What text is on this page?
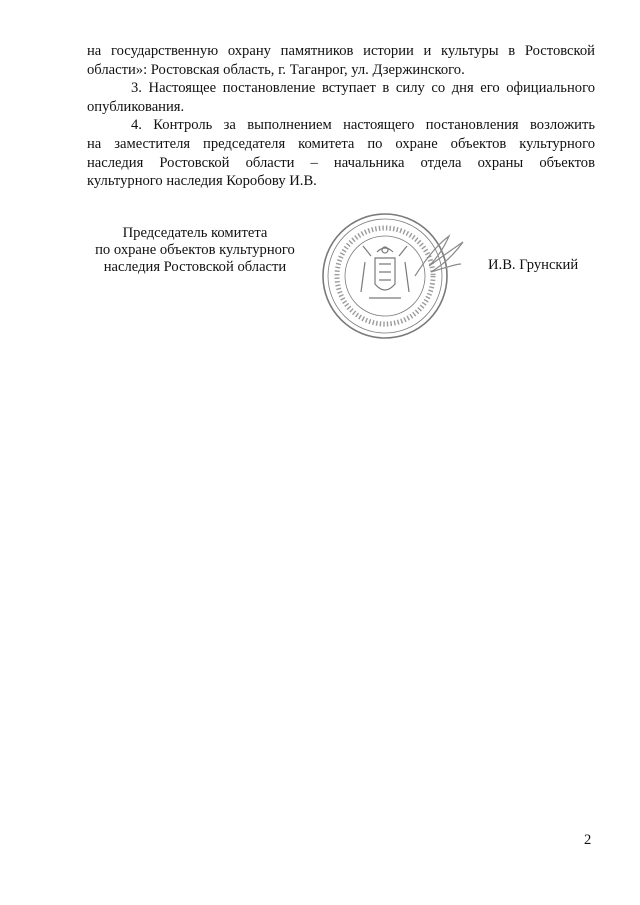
на государственную охрану памятников истории и культуры в Ростовской
области»: Ростовская область, г. Таганрог, ул. Дзержинского.
3. Настоящее постановление вступает в силу со дня его официального
опубликования.
4. Контроль за выполнением настоящего постановления возложить
на заместителя председателя комитета по охране объектов культурного
наследия Ростовской области – начальника отдела охраны объектов
культурного наследия Коробову И.В.
Председатель комитета
по охране объектов культурного
наследия Ростовской области	И.В. Грунский
2
